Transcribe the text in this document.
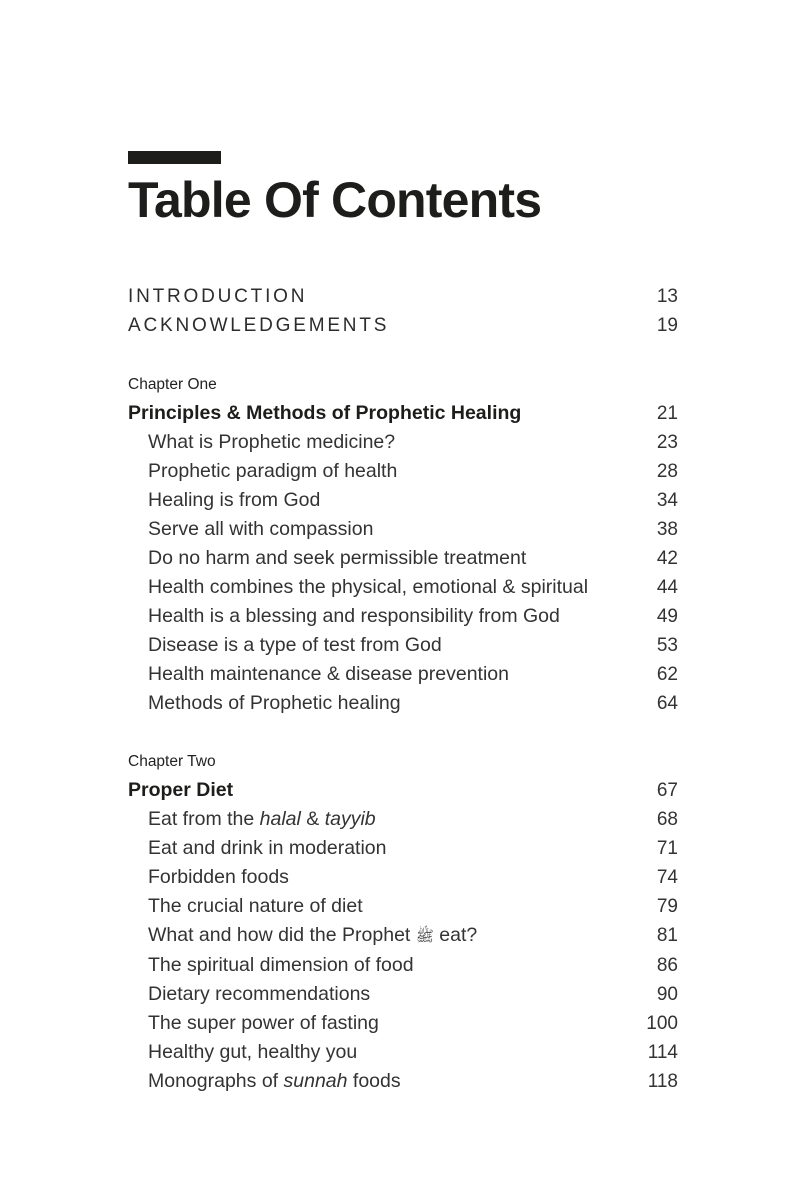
Table Of Contents
INTRODUCTION	13
ACKNOWLEDGEMENTS	19
Chapter One
Principles & Methods of Prophetic Healing	21
What is Prophetic medicine?	23
Prophetic paradigm of health	28
Healing is from God	34
Serve all with compassion	38
Do no harm and seek permissible treatment	42
Health combines the physical, emotional & spiritual	44
Health is a blessing and responsibility from God	49
Disease is a type of test from God	53
Health maintenance & disease prevention	62
Methods of Prophetic healing	64
Chapter Two
Proper Diet	67
Eat from the halal & tayyib	68
Eat and drink in moderation	71
Forbidden foods	74
The crucial nature of diet	79
What and how did the Prophet ﷺ eat?	81
The spiritual dimension of food	86
Dietary recommendations	90
The super power of fasting	100
Healthy gut, healthy you	114
Monographs of sunnah foods	118
